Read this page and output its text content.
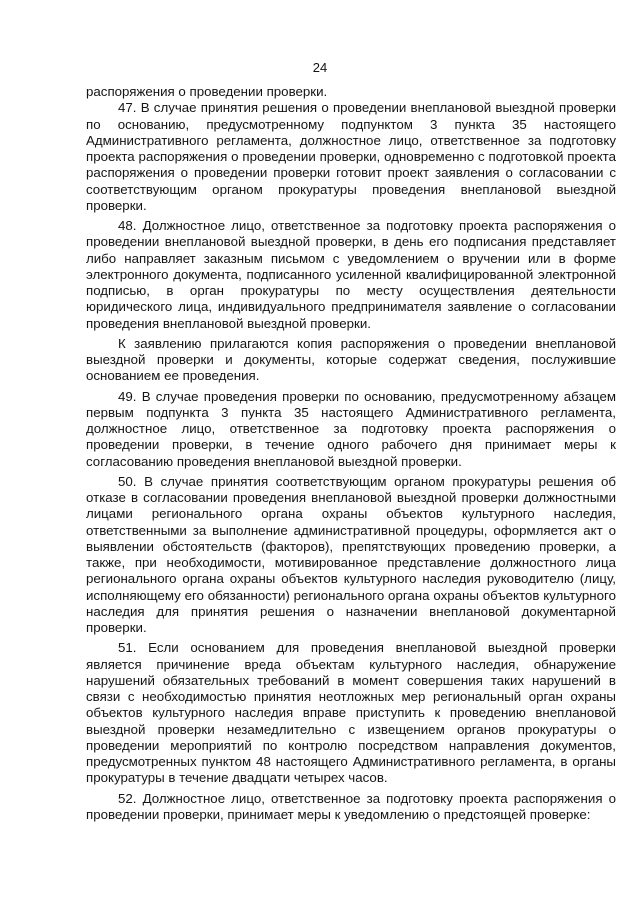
24

распоряжения о проведении проверки.

47. В случае принятия решения о проведении внеплановой выездной проверки по основанию, предусмотренному подпунктом 3 пункта 35 настоящего Административного регламента, должностное лицо, ответственное за подготовку проекта распоряжения о проведении проверки, одновременно с подготовкой проекта распоряжения о проведении проверки готовит проект заявления о согласовании с соответствующим органом прокуратуры проведения внеплановой выездной проверки.

48. Должностное лицо, ответственное за подготовку проекта распоряжения о проведении внеплановой выездной проверки, в день его подписания представляет либо направляет заказным письмом с уведомлением о вручении или в форме электронного документа, подписанного усиленной квалифицированной электронной подписью, в орган прокуратуры по месту осуществления деятельности юридического лица, индивидуального предпринимателя заявление о согласовании проведения внеплановой выездной проверки.

К заявлению прилагаются копия распоряжения о проведении внеплановой выездной проверки и документы, которые содержат сведения, послужившие основанием ее проведения.

49. В случае проведения проверки по основанию, предусмотренному абзацем первым подпункта 3 пункта 35 настоящего Административного регламента, должностное лицо, ответственное за подготовку проекта распоряжения о проведении проверки, в течение одного рабочего дня принимает меры к согласованию проведения внеплановой выездной проверки.

50. В случае принятия соответствующим органом прокуратуры решения об отказе в согласовании проведения внеплановой выездной проверки должностными лицами регионального органа охраны объектов культурного наследия, ответственными за выполнение административной процедуры, оформляется акт о выявлении обстоятельств (факторов), препятствующих проведению проверки, а также, при необходимости, мотивированное представление должностного лица регионального органа охраны объектов культурного наследия руководителю (лицу, исполняющему его обязанности) регионального органа охраны объектов культурного наследия для принятия решения о назначении внеплановой документарной проверки.

51. Если основанием для проведения внеплановой выездной проверки является причинение вреда объектам культурного наследия, обнаружение нарушений обязательных требований в момент совершения таких нарушений в связи с необходимостью принятия неотложных мер региональный орган охраны объектов культурного наследия вправе приступить к проведению внеплановой выездной проверки незамедлительно с извещением органов прокуратуры о проведении мероприятий по контролю посредством направления документов, предусмотренных пунктом 48 настоящего Административного регламента, в органы прокуратуры в течение двадцати четырех часов.

52. Должностное лицо, ответственное за подготовку проекта распоряжения о проведении проверки, принимает меры к уведомлению о предстоящей проверке:
